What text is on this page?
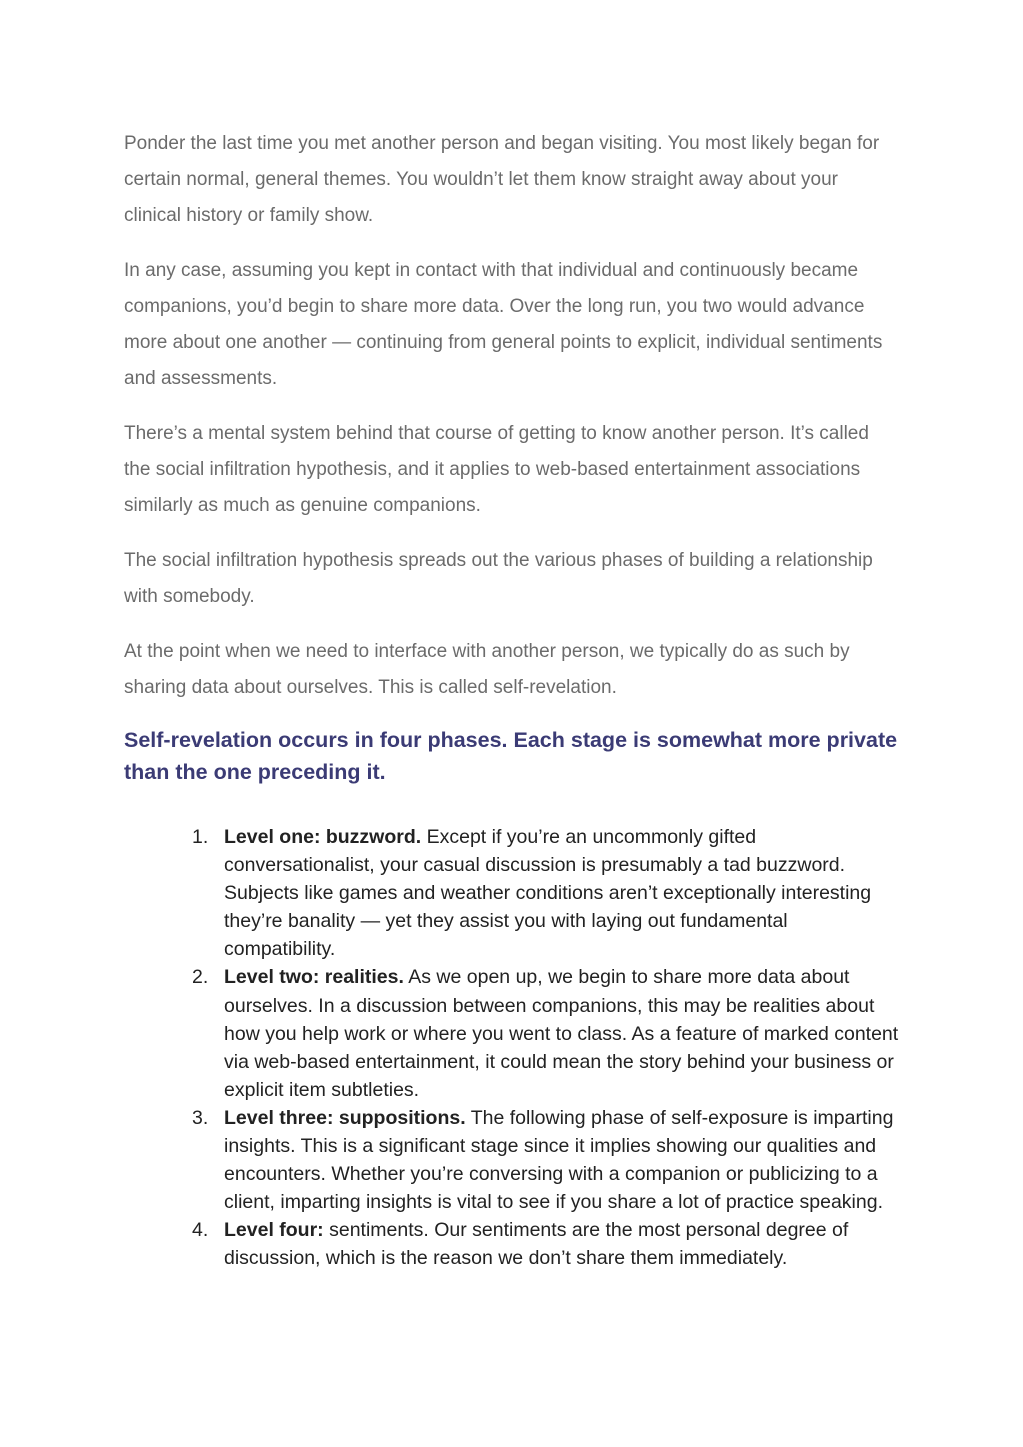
Ponder the last time you met another person and began visiting. You most likely began for certain normal, general themes. You wouldn’t let them know straight away about your clinical history or family show.

In any case, assuming you kept in contact with that individual and continuously became companions, you’d begin to share more data. Over the long run, you two would advance more about one another — continuing from general points to explicit, individual sentiments and assessments.

There’s a mental system behind that course of getting to know another person. It’s called the social infiltration hypothesis, and it applies to web-based entertainment associations similarly as much as genuine companions.

The social infiltration hypothesis spreads out the various phases of building a relationship with somebody.

At the point when we need to interface with another person, we typically do as such by sharing data about ourselves. This is called self-revelation.

Self-revelation occurs in four phases. Each stage is somewhat more private than the one preceding it.
1. Level one: buzzword. Except if you’re an uncommonly gifted conversationalist, your casual discussion is presumably a tad buzzword. Subjects like games and weather conditions aren’t exceptionally interesting they’re banality — yet they assist you with laying out fundamental compatibility.
2. Level two: realities. As we open up, we begin to share more data about ourselves. In a discussion between companions, this may be realities about how you help work or where you went to class. As a feature of marked content via web-based entertainment, it could mean the story behind your business or explicit item subtleties.
3. Level three: suppositions. The following phase of self-exposure is imparting insights. This is a significant stage since it implies showing our qualities and encounters. Whether you’re conversing with a companion or publicizing to a client, imparting insights is vital to see if you share a lot of practice speaking.
4. Level four: sentiments. Our sentiments are the most personal degree of discussion, which is the reason we don’t share them immediately.
